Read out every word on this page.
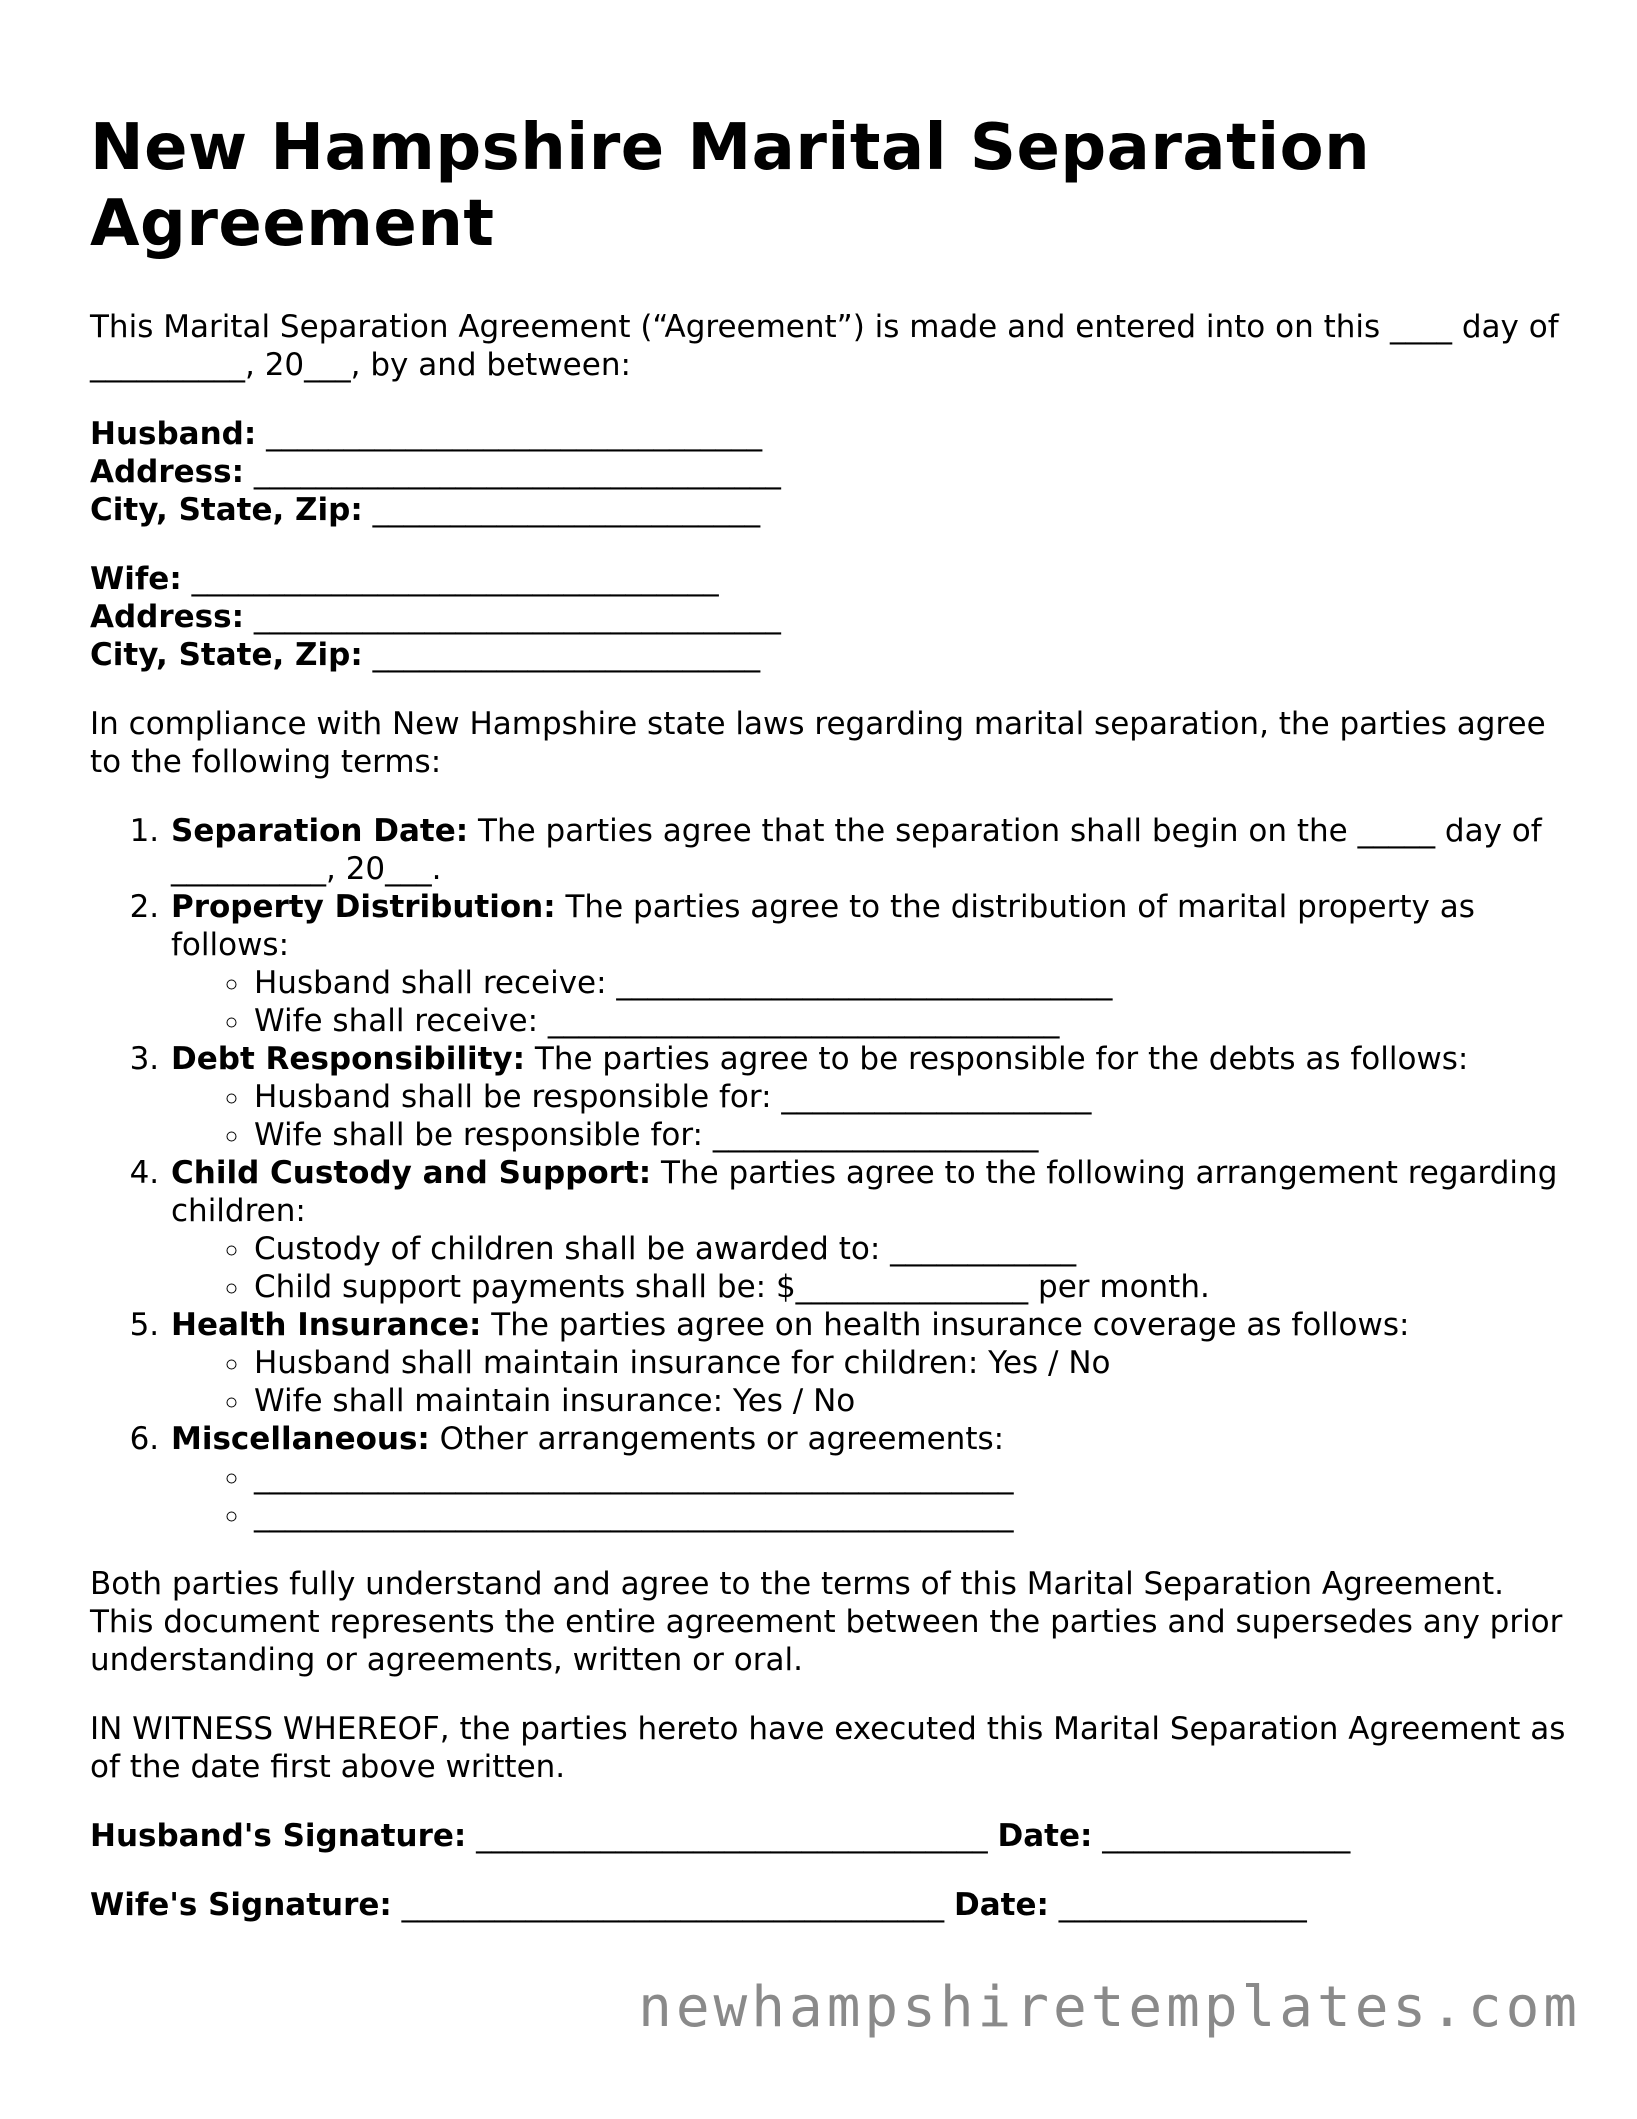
New Hampshire Marital Separation Agreement

This Marital Separation Agreement (“Agreement”) is made and entered into on this ____ day of __________, 20___, by and between:

Husband: ________________________________
Address: __________________________________
City, State, Zip: _________________________
Wife: __________________________________
Address: __________________________________
City, State, Zip: _________________________

In compliance with New Hampshire state laws regarding marital separation, the parties agree to the following terms:

1. Separation Date: The parties agree that the separation shall begin on the _____ day of __________, 20___.
2. Property Distribution: The parties agree to the distribution of marital property as follows:
◦ Husband shall receive: ________________________________
◦ Wife shall receive: _________________________________
3. Debt Responsibility: The parties agree to be responsible for the debts as follows:
◦ Husband shall be responsible for: ____________________
◦ Wife shall be responsible for: _____________________
4. Child Custody and Support: The parties agree to the following arrangement regarding children:
◦ Custody of children shall be awarded to: ____________
◦ Child support payments shall be: $_______________ per month.
5. Health Insurance: The parties agree on health insurance coverage as follows:
◦ Husband shall maintain insurance for children: Yes / No
◦ Wife shall maintain insurance: Yes / No
6. Miscellaneous: Other arrangements or agreements:
◦ _________________________________________________
◦ _________________________________________________

Both parties fully understand and agree to the terms of this Marital Separation Agreement. This document represents the entire agreement between the parties and supersedes any prior understanding or agreements, written or oral.

IN WITNESS WHEREOF, the parties hereto have executed this Marital Separation Agreement as of the date first above written.

Husband's Signature: _________________________________ Date: ________________
Wife's Signature: ___________________________________ Date: ________________
newhampshiretemplates.com
